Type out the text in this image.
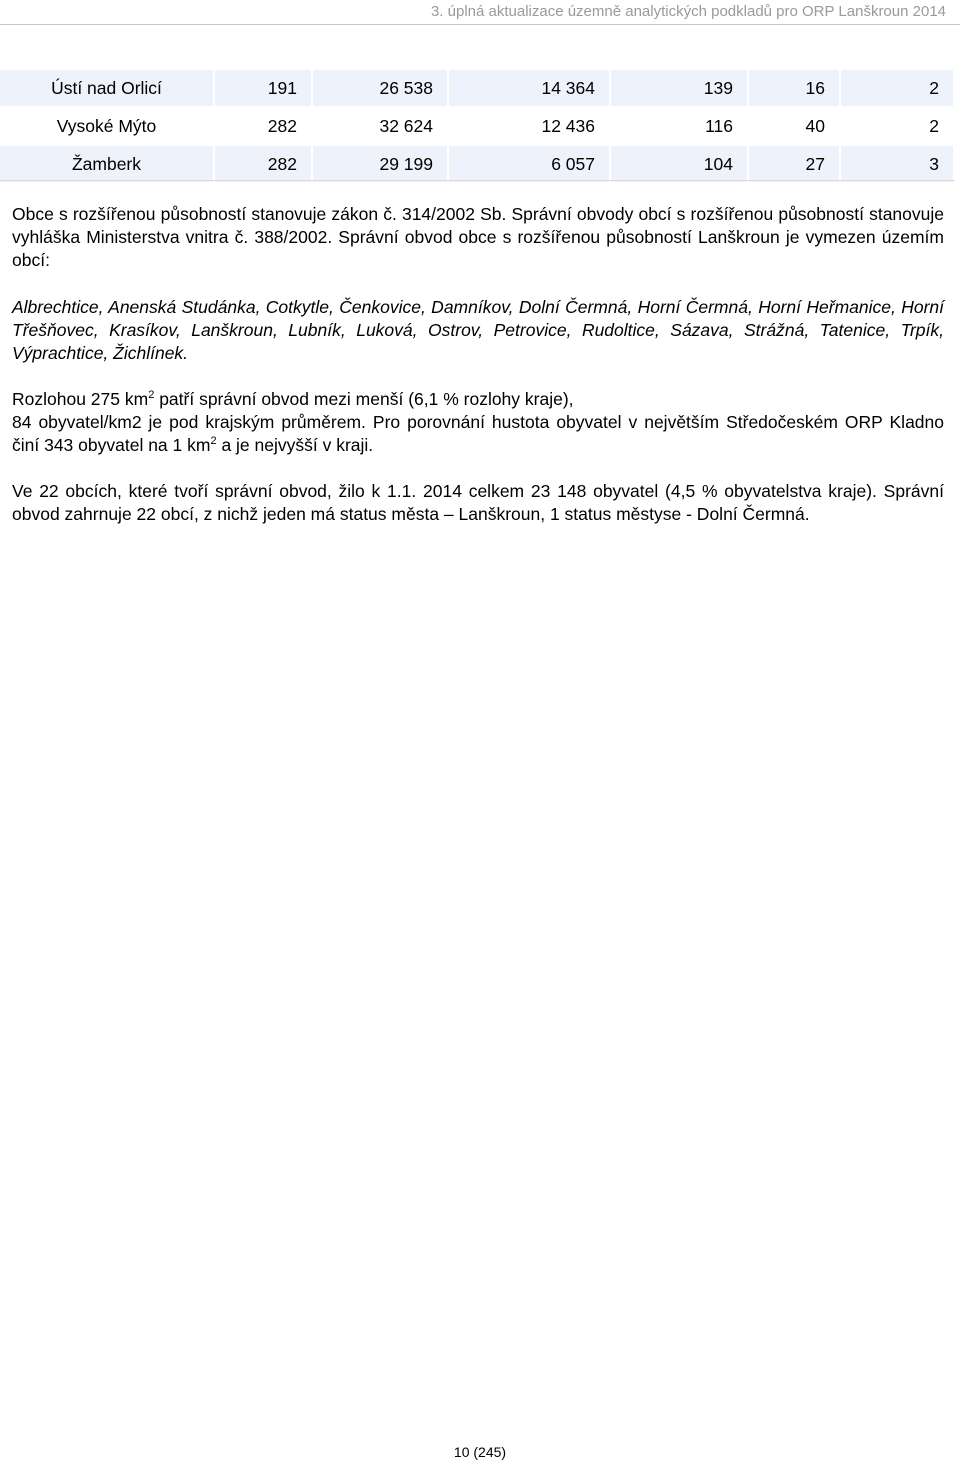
3. úplná aktualizace územně analytických podkladů pro ORP Lanškroun 2014
Ústí nad Orlicí	191	26 538	14 364	139	16	2
Vysoké Mýto	282	32 624	12 436	116	40	2
Žamberk	282	29 199	6 057	104	27	3

Obce s rozšířenou působností stanovuje zákon č. 314/2002 Sb. Správní obvody obcí s rozšířenou působností stanovuje vyhláška Ministerstva vnitra č. 388/2002. Správní obvod obce s rozšířenou působností Lanškroun je vymezen územím obcí:

Albrechtice, Anenská Studánka, Cotkytle, Čenkovice, Damníkov, Dolní Čermná, Horní Čermná, Horní Heřmanice, Horní Třešňovec, Krasíkov, Lanškroun, Lubník, Luková, Ostrov, Petrovice, Rudoltice, Sázava, Strážná, Tatenice, Trpík, Výprachtice, Žichlínek.

Rozlohou 275 $km^2$ patří správní obvod mezi menší (6,1 % rozlohy kraje),
84 obyvatel/km2 je pod krajským průměrem. Pro porovnání hustota obyvatel v největším Středočeském ORP Kladno činí 343 obyvatel na 1 $km^2$ a je nejvyšší v kraji.

Ve 22 obcích, které tvoří správní obvod, žilo k 1.1. 2014 celkem 23 148 obyvatel (4,5 % obyvatelstva kraje). Správní obvod zahrnuje 22 obcí, z nichž jeden má status města – Lanškroun, 1 status městyse - Dolní Čermná.

10 (245)
